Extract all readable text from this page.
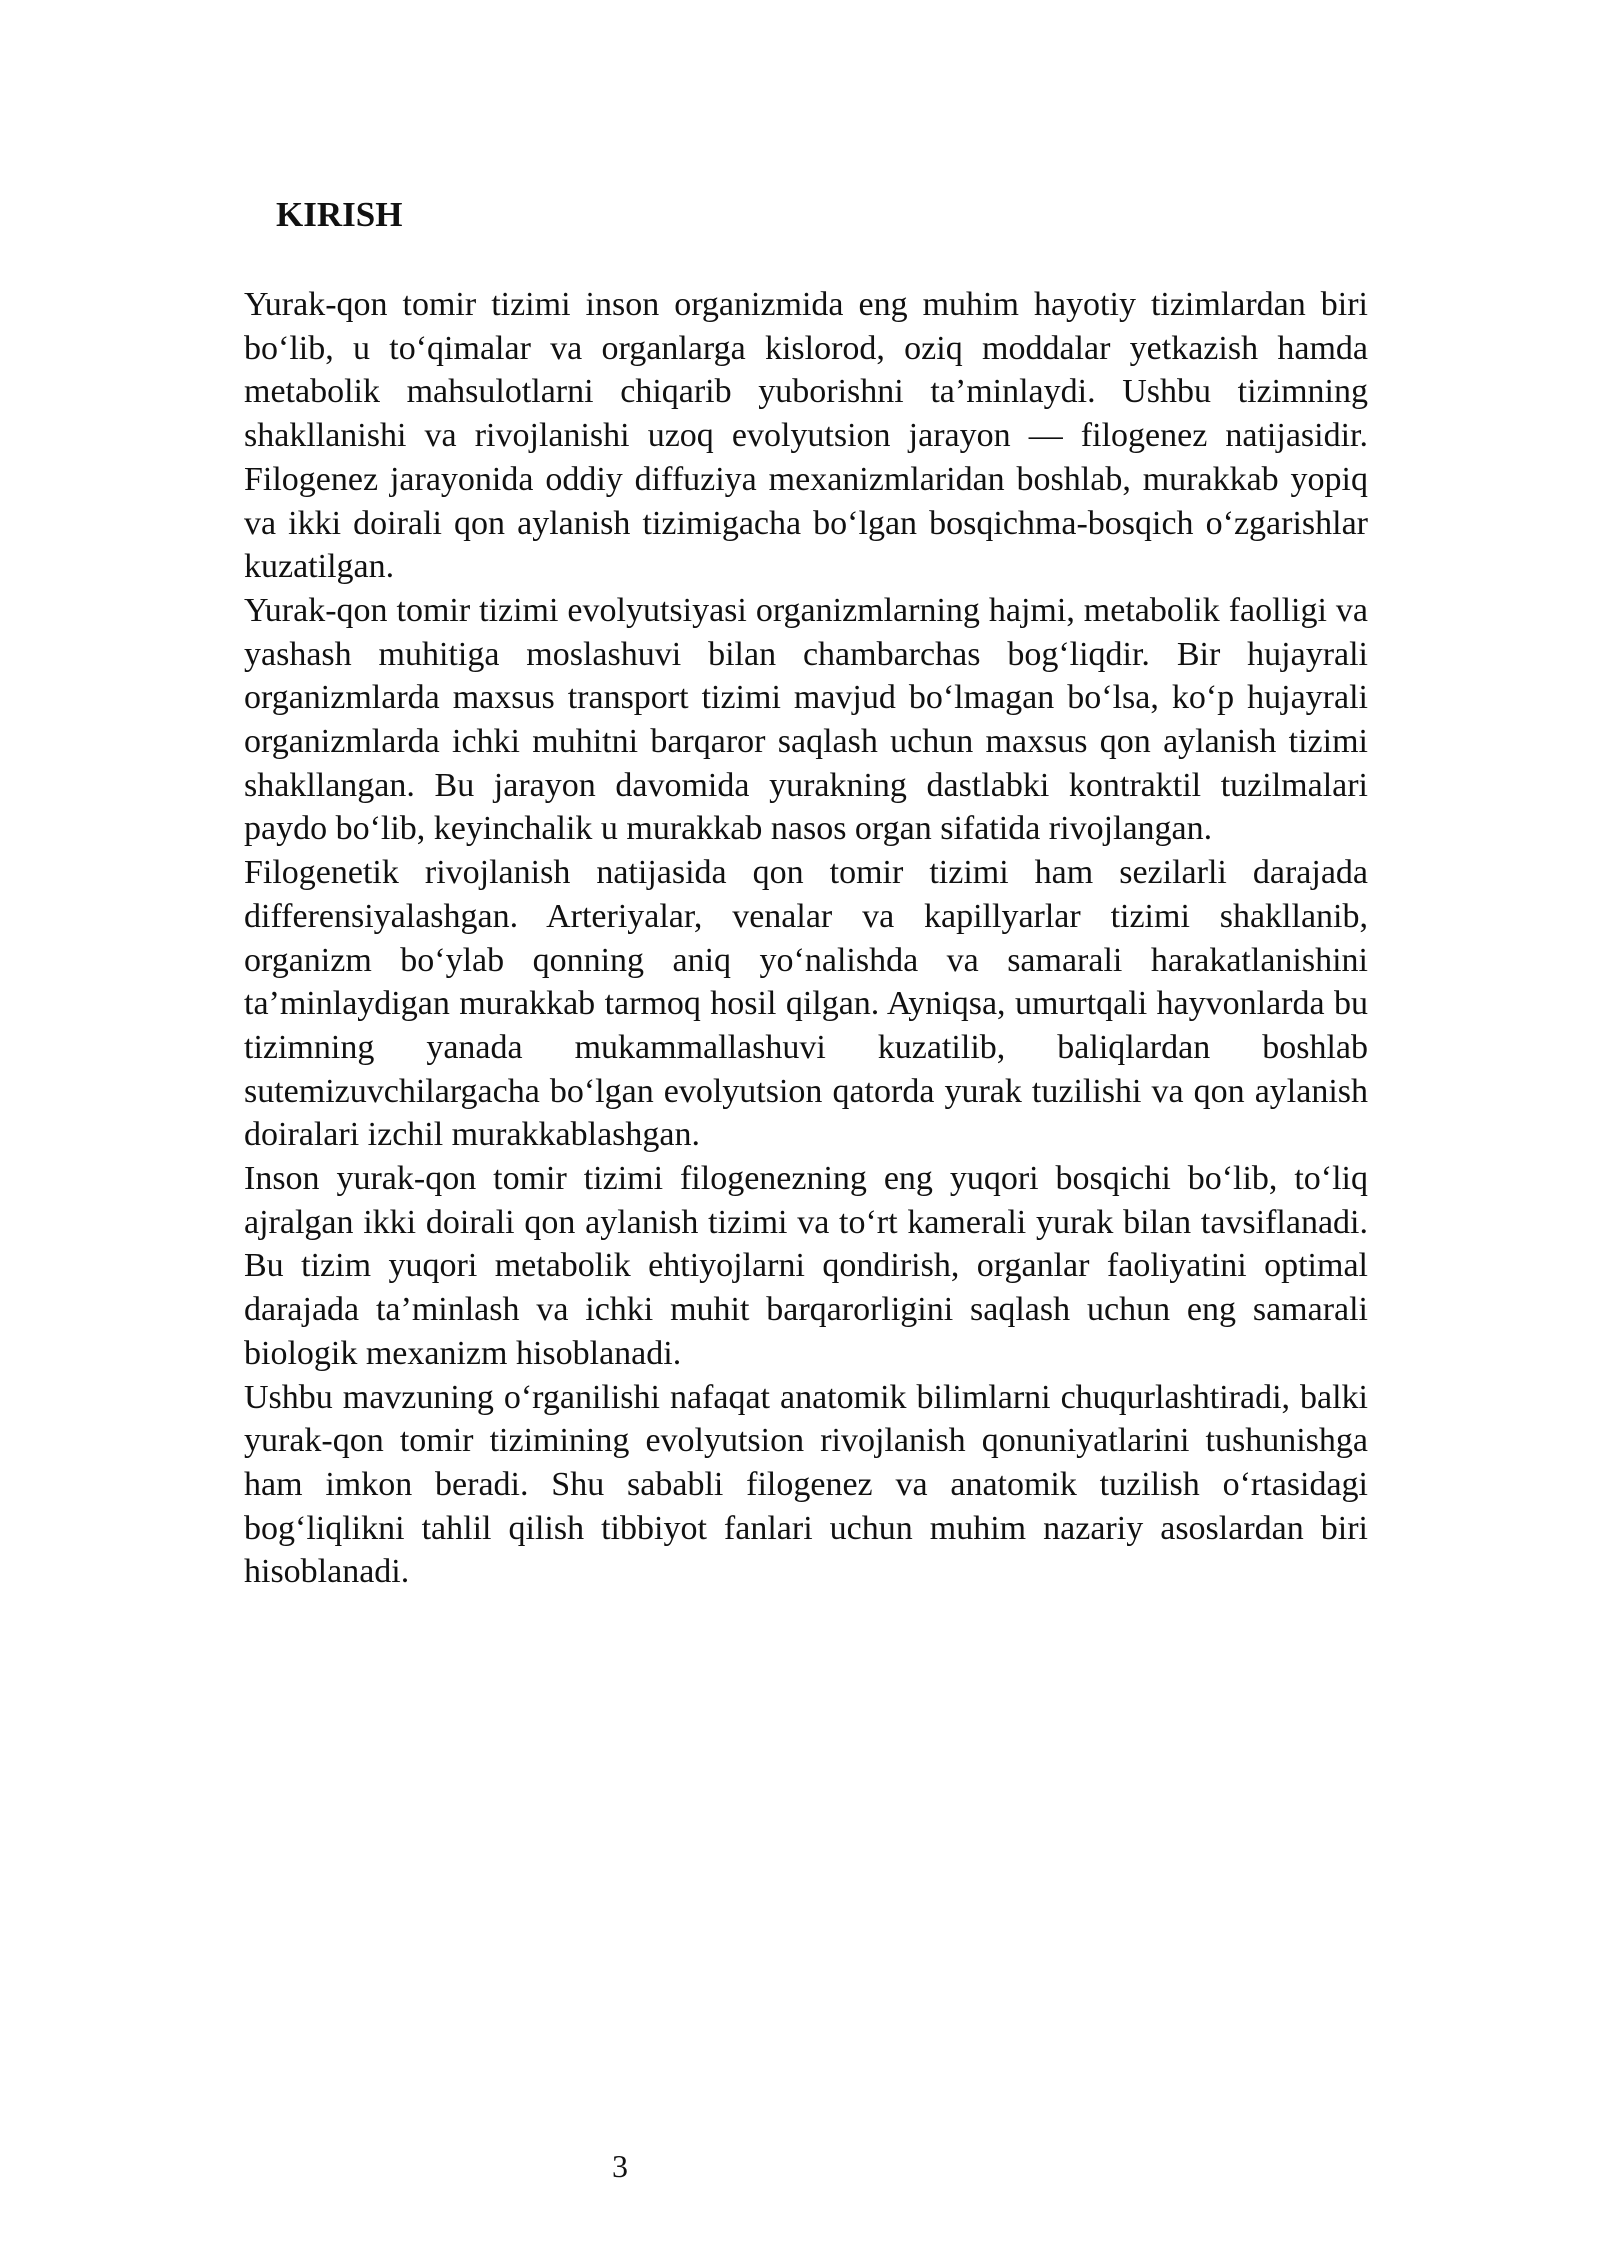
KIRISH

Yurak-qon tomir tizimi inson organizmida eng muhim hayotiy tizimlardan biri bo‘lib, u to‘qimalar va organlarga kislorod, oziq moddalar yetkazish hamda metabolik mahsulotlarni chiqarib yuborishni ta’minlaydi. Ushbu tizimning shakllanishi va rivojlanishi uzoq evolyutsion jarayon — filogenez natijasidir. Filogenez jarayonida oddiy diffuziya mexanizmlaridan boshlab, murakkab yopiq va ikki doirali qon aylanish tizimigacha bo‘lgan bosqichma-bosqich o‘zgarishlar kuzatilgan.

Yurak-qon tomir tizimi evolyutsiyasi organizmlarning hajmi, metabolik faolligi va yashash muhitiga moslashuvi bilan chambarchas bog‘liqdir. Bir hujayrali organizmlarda maxsus transport tizimi mavjud bo‘lmagan bo‘lsa, ko‘p hujayrali organizmlarda ichki muhitni barqaror saqlash uchun maxsus qon aylanish tizimi shakllangan. Bu jarayon davomida yurakning dastlabki kontraktil tuzilmalari paydo bo‘lib, keyinchalik u murakkab nasos organ sifatida rivojlangan.

Filogenetik rivojlanish natijasida qon tomir tizimi ham sezilarli darajada differensiyalashgan. Arteriyalar, venalar va kapillyarlar tizimi shakllanib, organizm bo‘ylab qonning aniq yo‘nalishda va samarali harakatlanishini ta’minlaydigan murakkab tarmoq hosil qilgan. Ayniqsa, umurtqali hayvonlarda bu tizimning yanada mukammallashuvi kuzatilib, baliqlardan boshlab sutemizuvchilargacha bo‘lgan evolyutsion qatorda yurak tuzilishi va qon aylanish doiralari izchil murakkablashgan.

Inson yurak-qon tomir tizimi filogenezning eng yuqori bosqichi bo‘lib, to‘liq ajralgan ikki doirali qon aylanish tizimi va to‘rt kamerali yurak bilan tavsiflanadi. Bu tizim yuqori metabolik ehtiyojlarni qondirish, organlar faoliyatini optimal darajada ta’minlash va ichki muhit barqarorligini saqlash uchun eng samarali biologik mexanizm hisoblanadi.

Ushbu mavzuning o‘rganilishi nafaqat anatomik bilimlarni chuqurlashtiradi, balki yurak-qon tomir tizimining evolyutsion rivojlanish qonuniyatlarini tushunishga ham imkon beradi. Shu sababli filogenez va anatomik tuzilish o‘rtasidagi bog‘liqlikni tahlil qilish tibbiyot fanlari uchun muhim nazariy asoslardan biri hisoblanadi.

3
